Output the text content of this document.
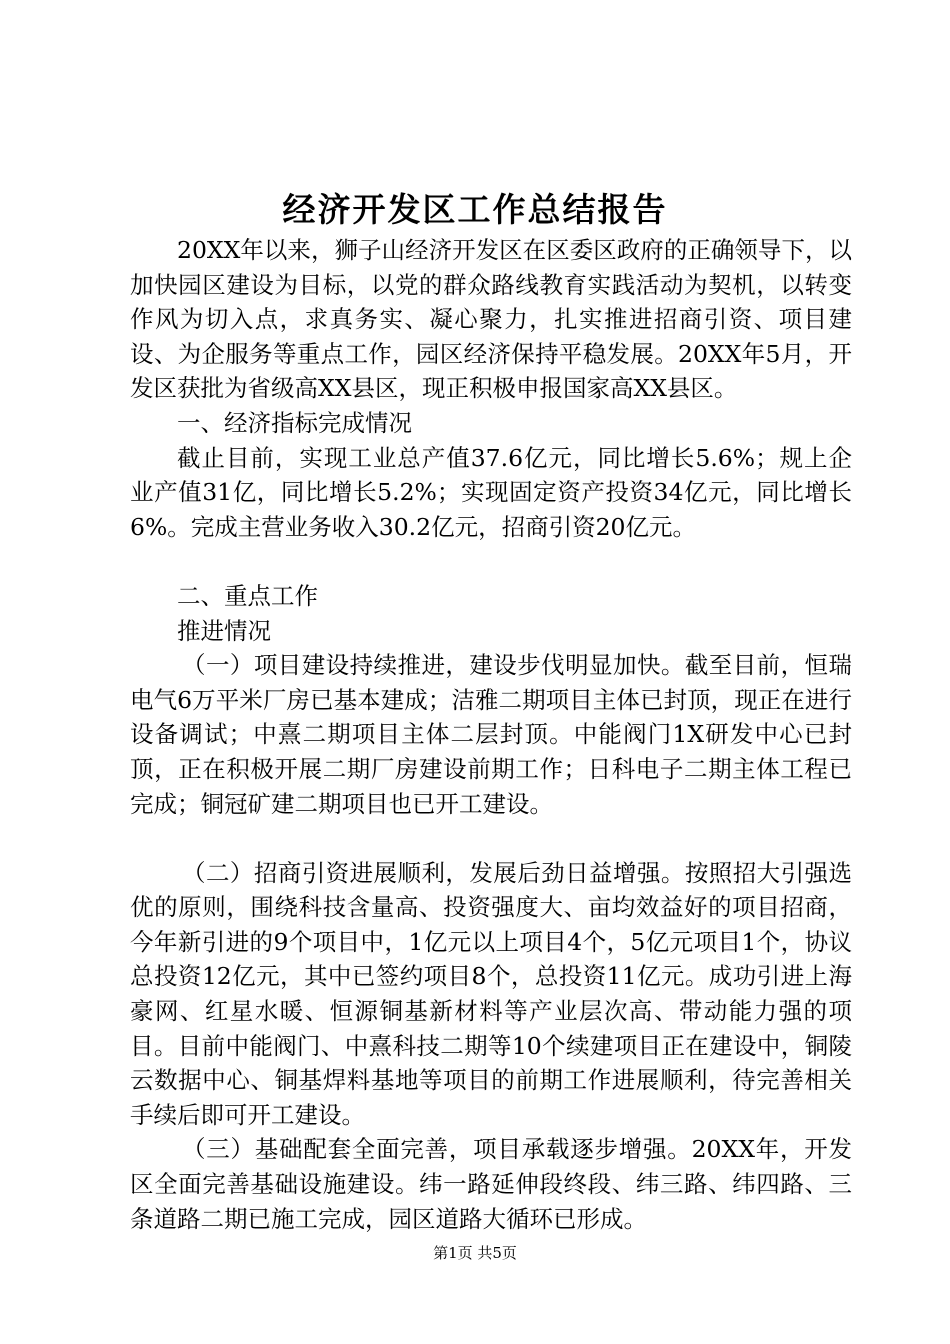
经济开发区工作总结报告

20XX年以来，狮子山经济开发区在区委区政府的正确领导下，以加快园区建设为目标，以党的群众路线教育实践活动为契机，以转变作风为切入点，求真务实、凝心聚力，扎实推进招商引资、项目建设、为企服务等重点工作，园区经济保持平稳发展。20XX年5月，开发区获批为省级高XX县区，现正积极申报国家高XX县区。

一、经济指标完成情况

截止目前，实现工业总产值37.6亿元，同比增长5.6%；规上企业产值31亿，同比增长5.2%；实现固定资产投资34亿元，同比增长6%。完成主营业务收入30.2亿元，招商引资20亿元。

二、重点工作

推进情况

（一）项目建设持续推进，建设步伐明显加快。截至目前，恒瑞电气6万平米厂房已基本建成；洁雅二期项目主体已封顶，现正在进行设备调试；中熹二期项目主体二层封顶。中能阀门1X研发中心已封顶，正在积极开展二期厂房建设前期工作；日科电子二期主体工程已完成；铜冠矿建二期项目也已开工建设。

（二）招商引资进展顺利，发展后劲日益增强。按照招大引强选优的原则，围绕科技含量高、投资强度大、亩均效益好的项目招商，今年新引进的9个项目中，1亿元以上项目4个，5亿元项目1个，协议总投资12亿元，其中已签约项目8个，总投资11亿元。成功引进上海豪网、红星水暖、恒源铜基新材料等产业层次高、带动能力强的项目。目前中能阀门、中熹科技二期等10个续建项目正在建设中，铜陵云数据中心、铜基焊料基地等项目的前期工作进展顺利，待完善相关手续后即可开工建设。

（三）基础配套全面完善，项目承载逐步增强。20XX年，开发区全面完善基础设施建设。纬一路延伸段终段、纬三路、纬四路、三条道路二期已施工完成，园区道路大循环已形成。

第1页 共5页
